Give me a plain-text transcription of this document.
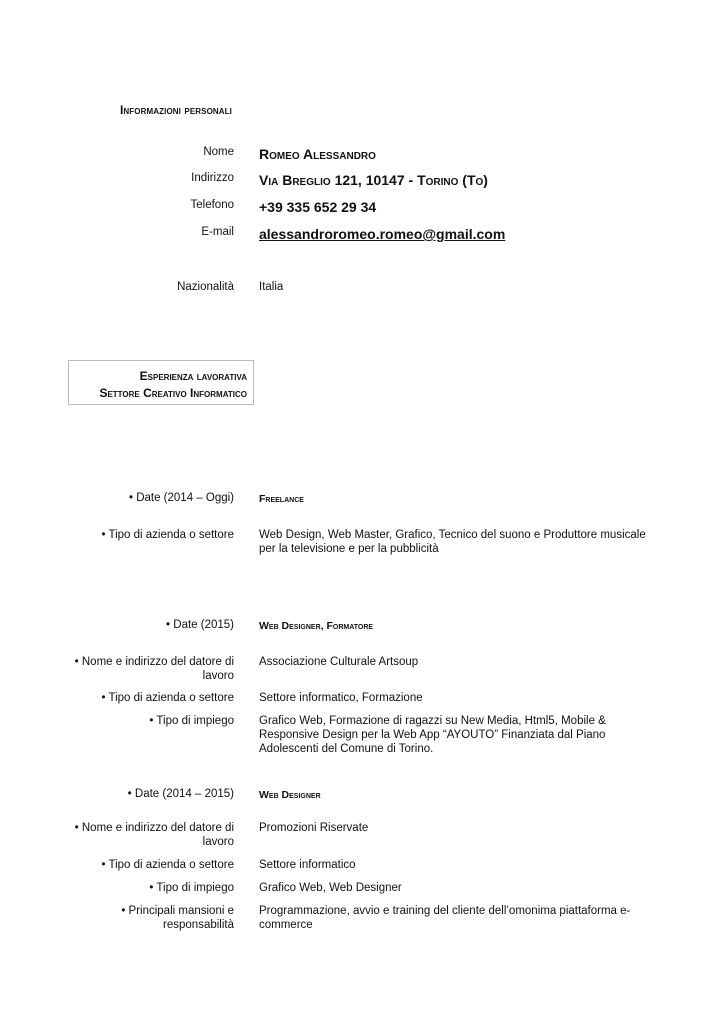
Informazioni personali
Nome Romeo Alessandro
Indirizzo Via Breglio 121, 10147 - Torino (To)
Telefono +39 335 652 29 34
E-mail alessandroromeo.romeo@gmail.com
Nazionalità Italia
Esperienza lavorativa
Settore Creativo Informatico
• Date (2014 – Oggi) Freelance
• Tipo di azienda o settore Web Design, Web Master, Grafico, Tecnico del suono e Produttore musicale per la televisione e per la pubblicità
• Date (2015) Web Designer, Formatore
• Nome e indirizzo del datore di lavoro
Associazione Culturale Artsoup
• Tipo di azienda o settore Settore informatico, Formazione
• Tipo di impiego Grafico Web, Formazione di ragazzi su New Media, Html5, Mobile & Responsive Design per la Web App “AYOUTO” Finanziata dal Piano Adolescenti del Comune di Torino.
• Date (2014 – 2015) Web Designer
• Nome e indirizzo del datore di lavoro
Promozioni Riservate
• Tipo di azienda o settore Settore informatico
• Tipo di impiego Grafico Web, Web Designer
• Principali mansioni e responsabilità
Programmazione, avvio e training del cliente dell’omonima piattaforma e-commerce
